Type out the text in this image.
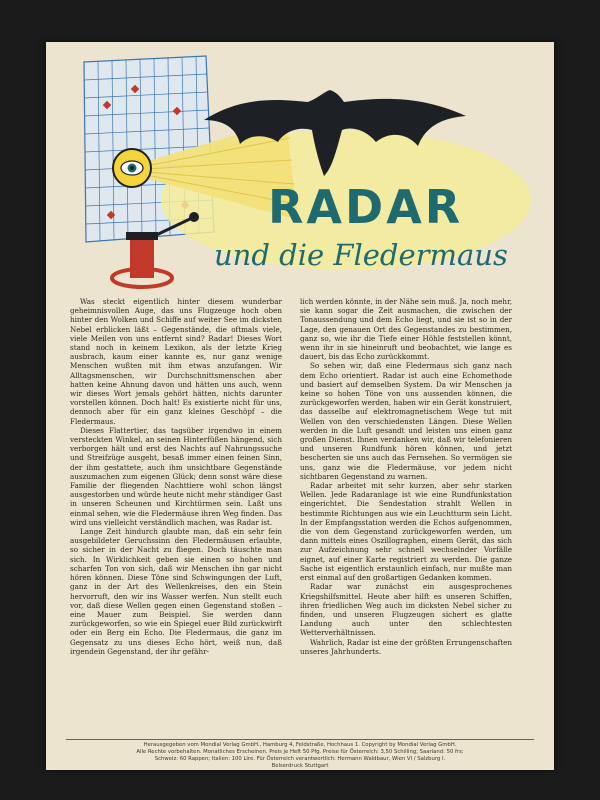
RADAR
und die Fledermaus

Was steckt eigentlich hinter diesem wunderbar geheimnisvollen Auge, das uns Flugzeuge hoch oben hinter den Wolken und Schiffe auf weiter See im dicksten Nebel erblicken läßt – Gegenstände, die oftmals viele, viele Meilen von uns entfernt sind? Radar! Dieses Wort stand noch in keinem Lexikon, als der letzte Krieg ausbrach, kaum einer kannte es, nur ganz wenige Menschen wußten mit ihm etwas anzufangen. Wir Alltagsmenschen, wir Durchschnittsmenschen aber hatten keine Ahnung davon und hätten uns auch, wenn wir dieses Wort jemals gehört hätten, nichts darunter vorstellen können. Doch halt! Es existierte nicht für uns, dennoch aber für ein ganz kleines Geschöpf – die Fledermaus.

Dieses Flattertier, das tagsüber irgendwo in einem versteckten Winkel, an seinen Hinterfüßen hängend, sich verborgen hält und erst des Nachts auf Nahrungssuche und Streifzüge ausgeht, besaß immer einen feinen Sinn, der ihm gestattete, auch ihm unsichtbare Gegenstände auszumachen zum eigenen Glück; denn sonst wäre diese Familie der fliegenden Nachttiere wohl schon längst ausgestorben und würde heute nicht mehr ständiger Gast in unseren Scheunen und Kirchtürmen sein. Laßt uns einmal sehen, wie die Fledermäuse ihren Weg finden. Das wird uns vielleicht verständlich machen, was Radar ist.

Lange Zeit hindurch glaubte man, daß ein sehr fein ausgebildeter Geruchssinn den Fledermäusen erlaubte, so sicher in der Nacht zu fliegen. Doch täuschte man sich. In Wirklichkeit geben sie einen so hohen und scharfen Ton von sich, daß wir Menschen ihn gar nicht hören können. Diese Töne sind Schwingungen der Luft, ganz in der Art des Wellenkreises, den ein Stein hervorruft, den wir ins Wasser werfen. Nun stellt euch vor, daß diese Wellen gegen einen Gegenstand stoßen – eine Mauer zum Beispiel. Sie werden dann zurückgeworfen, so wie ein Spiegel euer Bild zurückwirft oder ein Berg ein Echo. Die Fledermaus, die ganz im Gegensatz zu uns dieses Echo hört, weiß nun, daß irgendein Gegenstand, der ihr gefähr-

lich werden könnte, in der Nähe sein muß. Ja, noch mehr, sie kann sogar die Zeit ausmachen, die zwischen der Tonaussendung und dem Echo liegt, und sie ist so in der Lage, den genauen Ort des Gegenstandes zu bestimmen, ganz so, wie ihr die Tiefe einer Höhle feststellen könnt, wenn ihr in sie hineinruft und beobachtet, wie lange es dauert, bis das Echo zurückkommt.

So sehen wir, daß eine Fledermaus sich ganz nach dem Echo orientiert. Radar ist auch eine Echomethode und basiert auf demselben System. Da wir Menschen ja keine so hohen Töne von uns aussenden können, die zurückgeworfen werden, haben wir ein Gerät konstruiert, das dasselbe auf elektromagnetischem Wege tut mit Wellen von den verschiedensten Längen. Diese Wellen werden in die Luft gesandt und leisten uns einen ganz großen Dienst. Ihnen verdanken wir, daß wir telefonieren und unseren Rundfunk hören können, und jetzt bescherten sie uns auch das Fernsehen. So vermögen sie uns, ganz wie die Fledermäuse, vor jedem nicht sichtbaren Gegenstand zu warnen.

Radar arbeitet mit sehr kurzen, aber sehr starken Wellen. Jede Radaranlage ist wie eine Rundfunkstation eingerichtet. Die Sendestation strahlt Wellen in bestimmte Richtungen aus wie ein Leuchtturm sein Licht. In der Empfangsstation werden die Echos aufgenommen, die von dem Gegenstand zurückgeworfen werden, um dann mittels eines Oszillographen, einem Gerät, das sich zur Aufzeichnung sehr schnell wechselnder Vorfälle eignet, auf einer Karte registriert zu werden. Die ganze Sache ist eigentlich erstaunlich einfach, nur mußte man erst einmal auf den großartigen Gedanken kommen.

Radar war zunächst ein ausgesprochenes Kriegshilfsmittel. Heute aber hilft es unseren Schiffen, ihren friedlichen Weg auch im dicksten Nebel sicher zu finden, und unseren Flugzeugen sichert es glatte Landung auch unter den schlechtesten Wetterverhältnissen.

Wahrlich, Radar ist eine der größten Errungenschaften unseres Jahrhunderts.

Herausgegeben vom Mondial Verlag GmbH., Hamburg 4, Feldstraße, Hochhaus 1. Copyright by Mondial Verlag GmbH.
Alle Rechte vorbehalten. Monatliches Erscheinen. Preis je Heft 50 Pfg. Preise für Österreich: 3,50 Schilling; Saarland: 50 frs;
Schweiz: 60 Rappen; Italien: 100 Lire. Für Österreich verantwortlich: Hermann Waldbaur, Wien VI / Salzburg I.
Belserdruck Stuttgart
